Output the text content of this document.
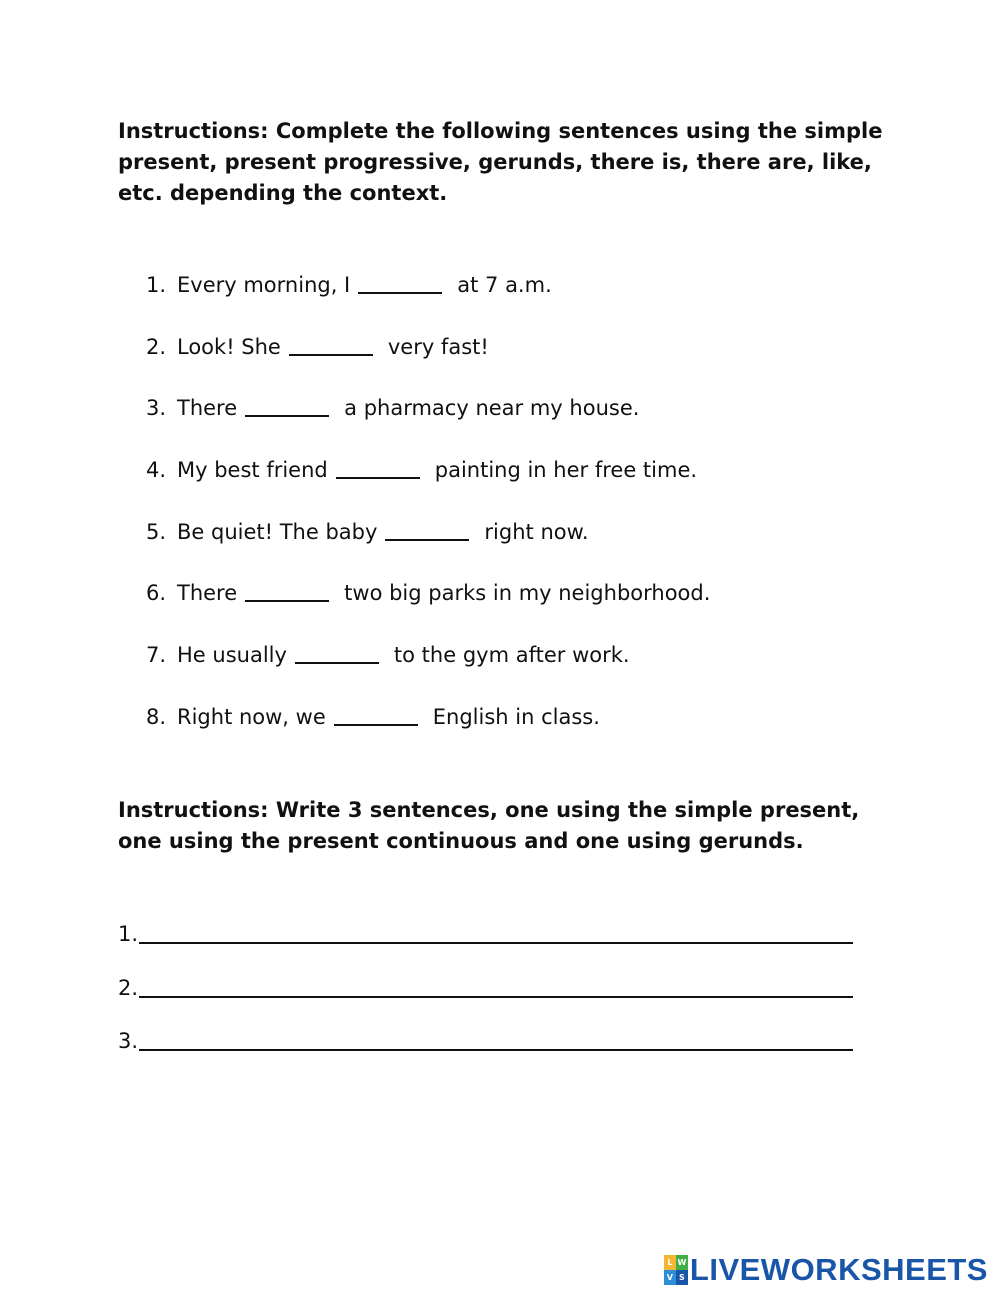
Instructions: Complete the following sentences using the simple present, present progressive, gerunds, there is, there are, like, etc. depending the context.

1. Every morning, I	at 7 a.m.
2. Look! She	very fast!
3. There	a pharmacy near my house.
4. My best friend	painting in her free time.
5. Be quiet! The baby	right now.
6. There	two big parks in my neighborhood.
7. He usually	to the gym after work.
8. Right now, we	English in class.

Instructions: Write 3 sentences, one using the simple present, one using the present continuous and one using gerunds.

1.
2.
3.
L W
V S LIVEWORKSHEETS
